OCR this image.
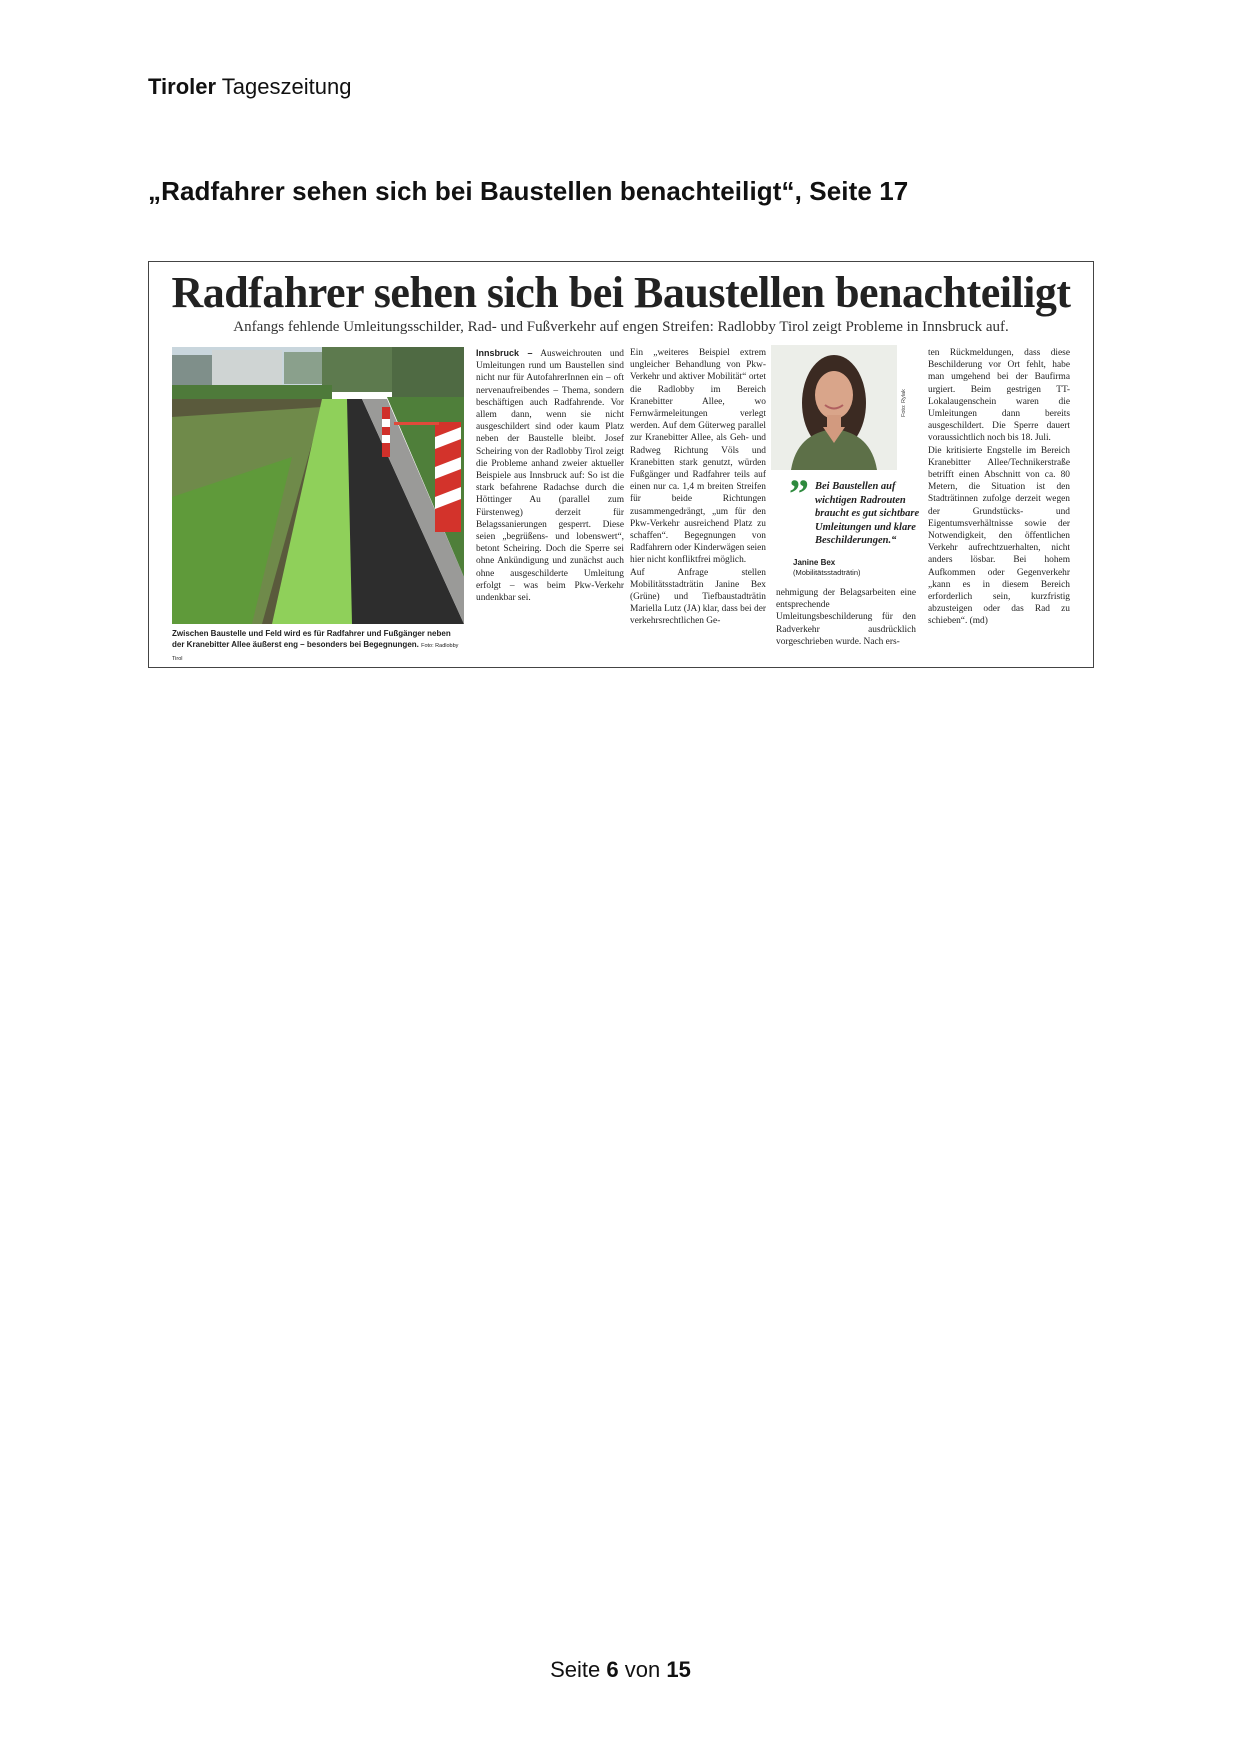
Tiroler Tageszeitung
„Radfahrer sehen sich bei Baustellen benachteiligt“, Seite 17
Radfahrer sehen sich bei Baustellen benachteiligt
Anfangs fehlende Umleitungsschilder, Rad- und Fußverkehr auf engen Streifen: Radlobby Tirol zeigt Probleme in Innsbruck auf.
Zwischen Baustelle und Feld wird es für Radfahrer und Fußgänger neben der Kranebitter Allee äußerst eng – besonders bei Begegnungen. Foto: Radlobby Tirol
Innsbruck – Ausweichrouten und Umleitungen rund um Baustellen sind nicht nur für AutofahrerInnen ein – oft nervenaufreibendes – Thema, sondern beschäftigen auch Radfahrende. Vor allem dann, wenn sie nicht ausgeschildert sind oder kaum Platz neben der Baustelle bleibt. Josef Scheiring von der Radlobby Tirol zeigt die Probleme anhand zweier aktueller Beispiele aus Innsbruck auf: So ist die stark befahrene Radachse durch die Höttinger Au (parallel zum Fürstenweg) derzeit für Belagssanierungen gesperrt. Diese seien „begrüßens- und lobenswert“, betont Scheiring. Doch die Sperre sei ohne Ankündigung und zunächst auch ohne ausgeschilderte Umleitung erfolgt – was beim Pkw-Verkehr undenkbar sei.
Ein „weiteres Beispiel extrem ungleicher Behandlung von Pkw-Verkehr und aktiver Mobilität“ ortet die Radlobby im Bereich Kranebitter Allee, wo Fernwärmeleitungen verlegt werden. Auf dem Güterweg parallel zur Kranebitter Allee, als Geh- und Radweg Richtung Völs und Kranebitten stark genutzt, würden Fußgänger und Radfahrer teils auf einen nur ca. 1,4 m breiten Streifen für beide Richtungen zusammengedrängt, „um für den Pkw-Verkehr ausreichend Platz zu schaffen“. Begegnungen von Radfahrern oder Kinderwägen seien hier nicht konfliktfrei möglich.
Auf Anfrage stellen Mobilitätsstadträtin Janine Bex (Grüne) und Tiefbaustadträtin Mariella Lutz (JA) klar, dass bei der verkehrsrechtlichen Ge-
Foto: Rylak
” Bei Baustellen auf wichtigen Radrouten braucht es gut sichtbare Umleitungen und klare Beschilderungen.“
Janine Bex
(Mobilitätsstadträtin)
nehmigung der Belagsarbeiten eine entsprechende Umleitungsbeschilderung für den Radverkehr ausdrücklich vorgeschrieben wurde. Nach ers-
ten Rückmeldungen, dass diese Beschilderung vor Ort fehlt, habe man umgehend bei der Baufirma urgiert. Beim gestrigen TT-Lokalaugenschein waren die Umleitungen dann bereits ausgeschildert. Die Sperre dauert voraussichtlich noch bis 18. Juli.
Die kritisierte Engstelle im Bereich Kranebitter Allee/Technikerstraße betrifft einen Abschnitt von ca. 80 Metern, die Situation ist den Stadträtinnen zufolge derzeit wegen der Grundstücks- und Eigentumsverhältnisse sowie der Notwendigkeit, den öffentlichen Verkehr aufrechtzuerhalten, nicht anders lösbar. Bei hohem Aufkommen oder Gegenverkehr „kann es in diesem Bereich erforderlich sein, kurzfristig abzusteigen oder das Rad zu schieben“. (md)
Seite 6 von 15
